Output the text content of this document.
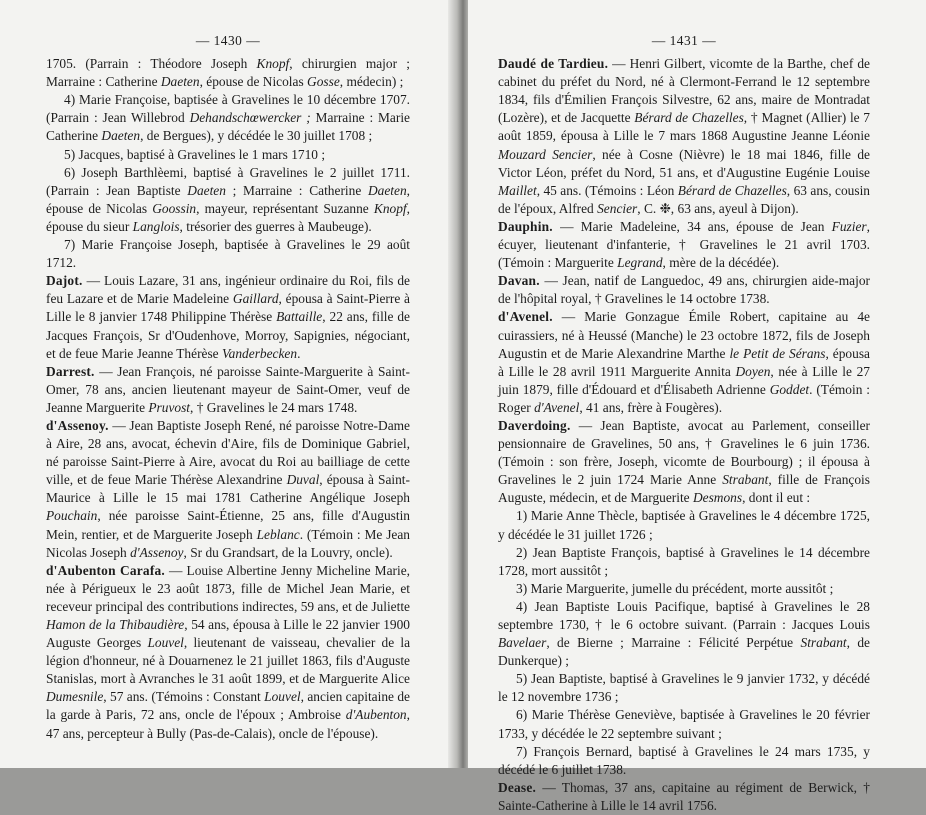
— 1430 —

1705. (Parrain : Théodore Joseph Knopf, chirurgien major ; Marraine : Catherine Daeten, épouse de Nicolas Gosse, médecin) ;

4) Marie Françoise, baptisée à Gravelines le 10 décembre 1707. (Parrain : Jean Willebrod Dehandschœwercker ; Marraine : Marie Catherine Daeten, de Bergues), y décédée le 30 juillet 1708 ;

5) Jacques, baptisé à Gravelines le 1 mars 1710 ;

6) Joseph Barthlèemi, baptisé à Gravelines le 2 juillet 1711. (Parrain : Jean Baptiste Daeten ; Marraine : Catherine Daeten, épouse de Nicolas Goossin, mayeur, représentant Suzanne Knopf, épouse du sieur Langlois, trésorier des guerres à Maubeuge).

7) Marie Françoise Joseph, baptisée à Gravelines le 29 août 1712.

Dajot. — Louis Lazare, 31 ans, ingénieur ordinaire du Roi, fils de feu Lazare et de Marie Madeleine Gaillard, épousa à Saint-Pierre à Lille le 8 janvier 1748 Philippine Thérèse Battaille, 22 ans, fille de Jacques François, Sr d'Oudenhove, Morroy, Sapignies, négociant, et de feue Marie Jeanne Thérèse Vanderbecken.

Darrest. — Jean François, né paroisse Sainte-Marguerite à Saint-Omer, 78 ans, ancien lieutenant mayeur de Saint-Omer, veuf de Jeanne Marguerite Pruvost, † Gravelines le 24 mars 1748.

d'Assenoy. — Jean Baptiste Joseph René, né paroisse Notre-Dame à Aire, 28 ans, avocat, échevin d'Aire, fils de Dominique Gabriel, né paroisse Saint-Pierre à Aire, avocat du Roi au bailliage de cette ville, et de feue Marie Thérèse Alexandrine Duval, épousa à Saint-Maurice à Lille le 15 mai 1781 Catherine Angélique Joseph Pouchain, née paroisse Saint-Étienne, 25 ans, fille d'Augustin Mein, rentier, et de Marguerite Joseph Leblanc. (Témoin : Me Jean Nicolas Joseph d'Assenoy, Sr du Grandsart, de la Louvry, oncle).

d'Aubenton Carafa. — Louise Albertine Jenny Micheline Marie, née à Périgueux le 23 août 1873, fille de Michel Jean Marie, et receveur principal des contributions indirectes, 59 ans, et de Juliette Hamon de la Thibaudière, 54 ans, épousa à Lille le 22 janvier 1900 Auguste Georges Louvel, lieutenant de vaisseau, chevalier de la légion d'honneur, né à Douarnenez le 21 juillet 1863, fils d'Auguste Stanislas, mort à Avranches le 31 août 1899, et de Marguerite Alice Dumesnile, 57 ans. (Témoins : Constant Louvel, ancien capitaine de la garde à Paris, 72 ans, oncle de l'époux ; Ambroise d'Aubenton, 47 ans, percepteur à Bully (Pas-de-Calais), oncle de l'épouse).

— 1431 —

Daudé de Tardieu. — Henri Gilbert, vicomte de la Barthe, chef de cabinet du préfet du Nord, né à Clermont-Ferrand le 12 septembre 1834, fils d'Émilien François Silvestre, 62 ans, maire de Montradat (Lozère), et de Jacquette Bérard de Chazelles, † Magnet (Allier) le 7 août 1859, épousa à Lille le 7 mars 1868 Augustine Jeanne Léonie Mouzard Sencier, née à Cosne (Nièvre) le 18 mai 1846, fille de Victor Léon, préfet du Nord, 51 ans, et d'Augustine Eugénie Louise Maillet, 45 ans. (Témoins : Léon Bérard de Chazelles, 63 ans, cousin de l'époux, Alfred Sencier, C. ❉, 63 ans, ayeul à Dijon).

Dauphin. — Marie Madeleine, 34 ans, épouse de Jean Fuzier, écuyer, lieutenant d'infanterie, † Gravelines le 21 avril 1703. (Témoin : Marguerite Legrand, mère de la décédée).

Davan. — Jean, natif de Languedoc, 49 ans, chirurgien aide-major de l'hôpital royal, † Gravelines le 14 octobre 1738.

d'Avenel. — Marie Gonzague Émile Robert, capitaine au 4e cuirassiers, né à Heussé (Manche) le 23 octobre 1872, fils de Joseph Augustin et de Marie Alexandrine Marthe le Petit de Sérans, épousa à Lille le 28 avril 1911 Marguerite Annita Doyen, née à Lille le 27 juin 1879, fille d'Édouard et d'Élisabeth Adrienne Goddet. (Témoin : Roger d'Avenel, 41 ans, frère à Fougères).

Daverdoing. — Jean Baptiste, avocat au Parlement, conseiller pensionnaire de Gravelines, 50 ans, † Gravelines le 6 juin 1736. (Témoin : son frère, Joseph, vicomte de Bourbourg) ; il épousa à Gravelines le 2 juin 1724 Marie Anne Strabant, fille de François Auguste, médecin, et de Marguerite Desmons, dont il eut :

1) Marie Anne Thècle, baptisée à Gravelines le 4 décembre 1725, y décédée le 31 juillet 1726 ;

2) Jean Baptiste François, baptisé à Gravelines le 14 décembre 1728, mort aussitôt ;

3) Marie Marguerite, jumelle du précédent, morte aussitôt ;

4) Jean Baptiste Louis Pacifique, baptisé à Gravelines le 28 septembre 1730, † le 6 octobre suivant. (Parrain : Jacques Louis Bavelaer, de Bierne ; Marraine : Félicité Perpétue Strabant, de Dunkerque) ;

5) Jean Baptiste, baptisé à Gravelines le 9 janvier 1732, y décédé le 12 novembre 1736 ;

6) Marie Thérèse Geneviève, baptisée à Gravelines le 20 février 1733, y décédée le 22 septembre suivant ;

7) François Bernard, baptisé à Gravelines le 24 mars 1735, y décédé le 6 juillet 1738.

Dease. — Thomas, 37 ans, capitaine au régiment de Berwick, † Sainte-Catherine à Lille le 14 avril 1756.
